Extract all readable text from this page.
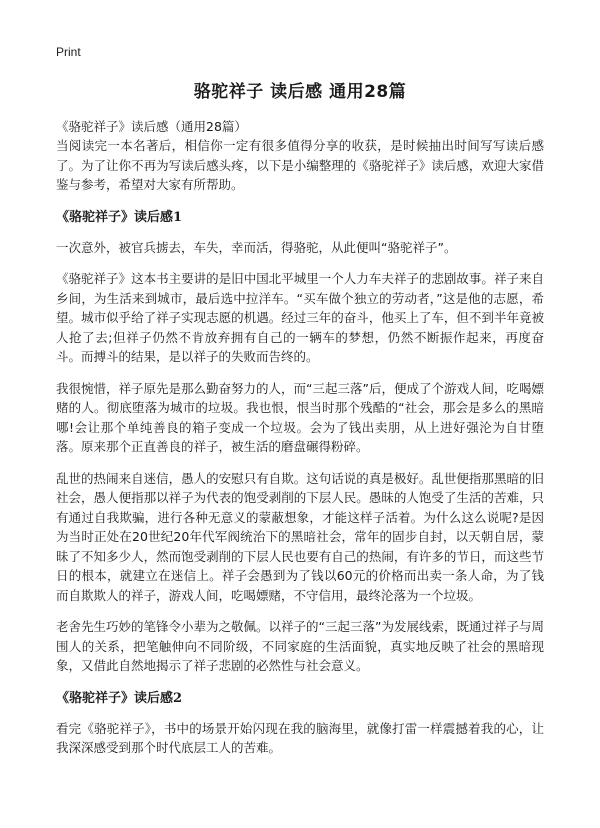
Print
骆驼祥子 读后感 通用28篇
《骆驼祥子》读后感（通用28篇）

当阅读完一本名著后，相信你一定有很多值得分享的收获，是时候抽出时间写写读后感了。为了让你不再为写读后感头疼，以下是小编整理的《骆驼祥子》读后感，欢迎大家借鉴与参考，希望对大家有所帮助。

《骆驼祥子》读后感1

一次意外，被官兵掳去，车失，幸而活，得骆驼，从此便叫“骆驼祥子”。

《骆驼祥子》这本书主要讲的是旧中国北平城里一个人力车夫祥子的悲剧故事。祥子来自乡间，为生活来到城市，最后选中拉洋车。“买车做个独立的劳动者，”这是他的志愿，希望。城市似乎给了祥子实现志愿的机遇。经过三年的奋斗，他买上了车，但不到半年竟被人抢了去;但祥子仍然不肯放弃拥有自己的一辆车的梦想，仍然不断振作起来，再度奋斗。而搏斗的结果，是以祥子的失败而告终的。

我很惋惜，祥子原先是那么勤奋努力的人，而“三起三落”后，便成了个游戏人间，吃喝嫖赌的人。彻底堕落为城市的垃圾。我也恨，恨当时那个残酷的“社会，那会是多么的黑暗哪!会让那个单纯善良的箱子变成一个垃圾。会为了钱出卖朋，从上进好强沦为自甘堕落。原来那个正直善良的祥子，被生活的磨盘碾得粉碎。

乱世的热闹来自迷信，愚人的安慰只有自欺。这句话说的真是极好。乱世便指那黑暗的旧社会，愚人便指那以祥子为代表的饱受剥削的下层人民。愚昧的人饱受了生活的苦难，只有通过自我欺骗，进行各种无意义的蒙蔽想象，才能这样子活着。为什么这么说呢?是因为当时正处在20世纪20年代军阀统治下的黑暗社会，常年的固步自封，以天朝自居，蒙昧了不知多少人，然而饱受剥削的下层人民也要有自己的热闹，有许多的节日，而这些节日的根本，就建立在迷信上。祥子会愚到为了钱以60元的价格而出卖一条人命，为了钱而自欺欺人的祥子，游戏人间，吃喝嫖赌，不守信用，最终沦落为一个垃圾。

老舍先生巧妙的笔锋令小辈为之敬佩。以祥子的“三起三落”为发展线索，既通过祥子与周围人的关系，把笔触伸向不同阶级，不同家庭的生活面貌，真实地反映了社会的黑暗现象，又借此自然地揭示了祥子悲剧的必然性与社会意义。

《骆驼祥子》读后感2

看完《骆驼祥子》，书中的场景开始闪现在我的脑海里，就像打雷一样震撼着我的心，让我深深感受到那个时代底层工人的苦难。
